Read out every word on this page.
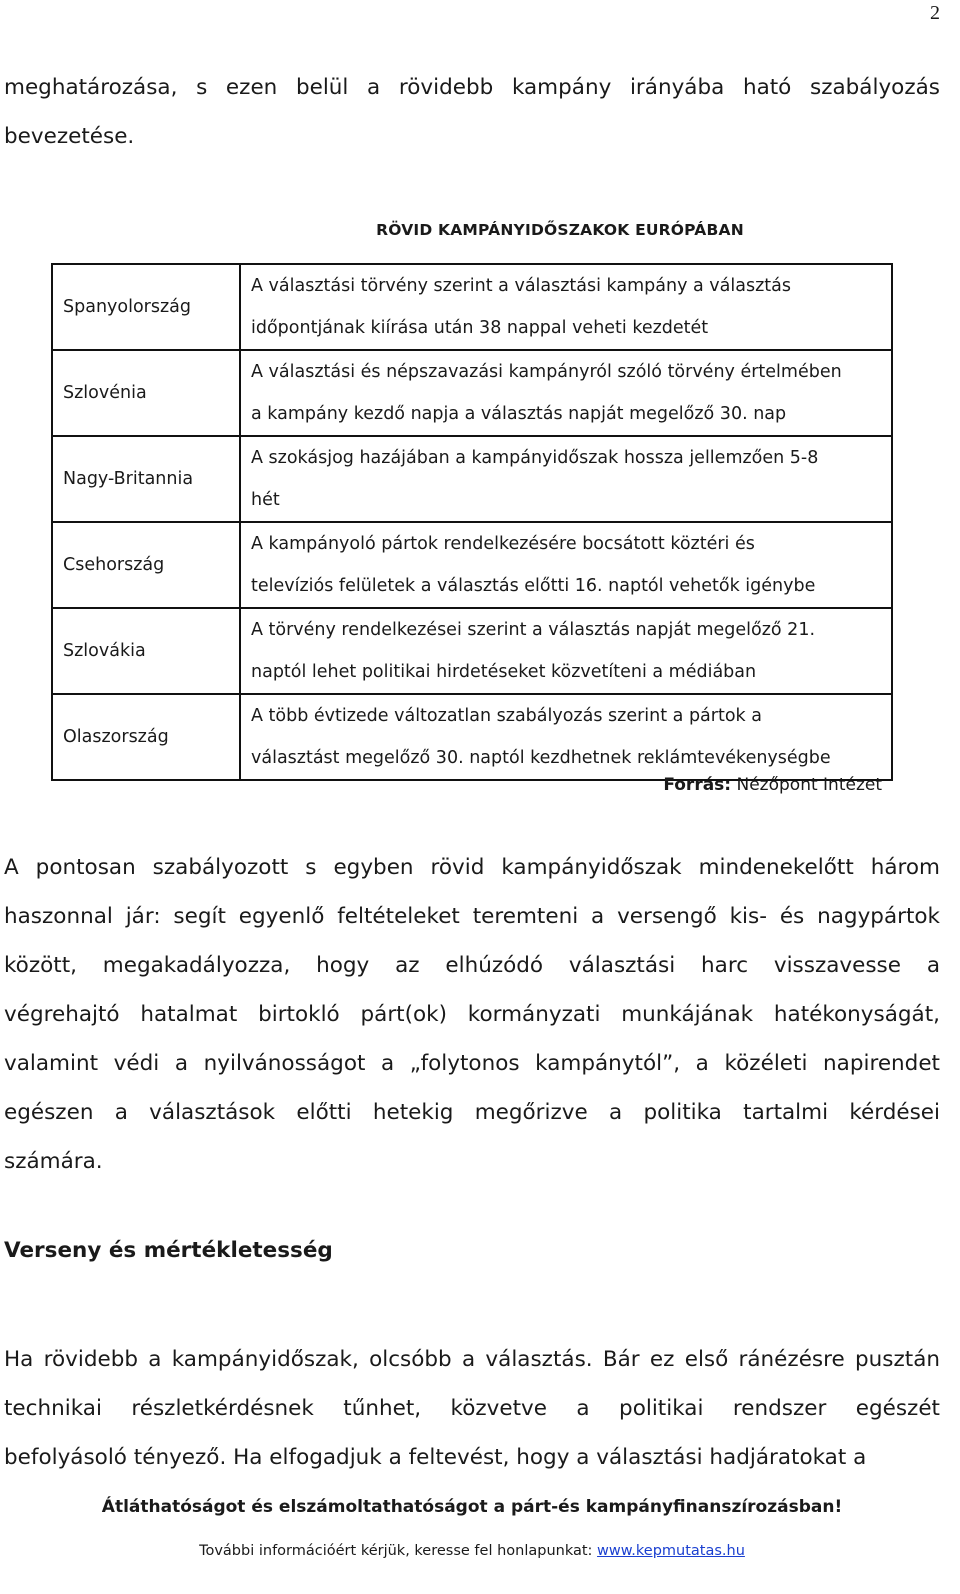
2
meghatározása, s ezen belül a rövidebb kampány irányába ható szabályozás
bevezetése.
RÖVID KAMPÁNYIDŐSZAKOK EURÓPÁBAN
Spanyolország	A választási törvény szerint a választási kampány a választás
időpontjának kiírása után 38 nappal veheti kezdetét

Szlovénia	A választási és népszavazási kampányról szóló törvény értelmében
a kampány kezdő napja a választás napját megelőző 30. nap

Nagy-Britannia	A szokásjog hazájában a kampányidőszak hossza jellemzően 5-8
hét

Csehország	A kampányoló pártok rendelkezésére bocsátott köztéri és
televíziós felületek a választás előtti 16. naptól vehetők igénybe

Szlovákia	A törvény rendelkezései szerint a választás napját megelőző 21.
naptól lehet politikai hirdetéseket közvetíteni a médiában

Olaszország	A több évtizede változatlan szabályozás szerint a pártok a
választást megelőző 30. naptól kezdhetnek reklámtevékenységbe
Forrás: Nézőpont Intézet
A pontosan szabályozott s egyben rövid kampányidőszak mindenekelőtt három
haszonnal jár: segít egyenlő feltételeket teremteni a versengő kis- és nagypártok
között, megakadályozza, hogy az elhúzódó választási harc visszavesse a
végrehajtó hatalmat birtokló párt(ok) kormányzati munkájának hatékonyságát,
valamint védi a nyilvánosságot a „folytonos kampánytól”, a közéleti napirendet
egészen a választások előtti hetekig megőrizve a politika tartalmi kérdései
számára.
Verseny és mértékletesség
Ha rövidebb a kampányidőszak, olcsóbb a választás. Bár ez első ránézésre pusztán
technikai részletkérdésnek tűnhet, közvetve a politikai rendszer egészét
befolyásoló tényező. Ha elfogadjuk a feltevést, hogy a választási hadjáratokat a
Átláthatóságot és elszámoltathatóságot a párt-és kampányfinanszírozásban!
További információért kérjük, keresse fel honlapunkat: www.kepmutatas.hu
